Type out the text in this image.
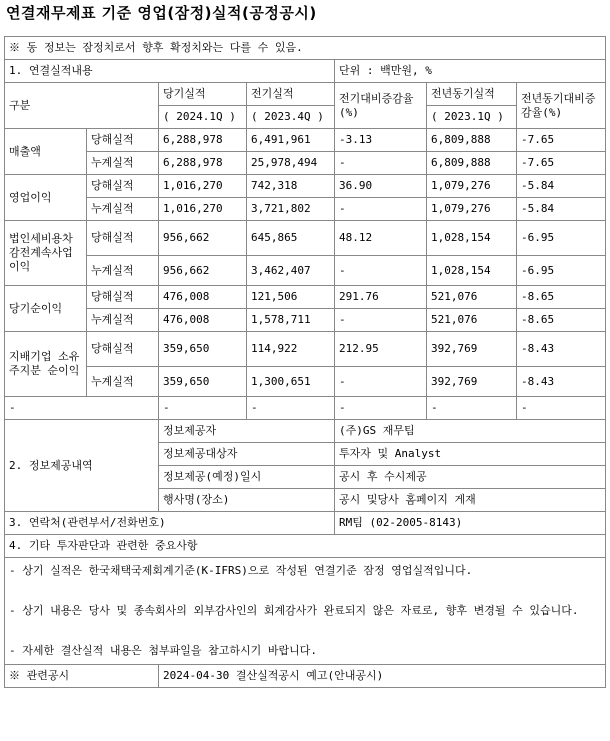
연결재무제표 기준 영업(잠정)실적(공정공시)
※ 동 정보는 잠정치로서 향후 확정치와는 다를 수 있음.						
1. 연결실적내용				단위 : 백만원, %		
구분		당기실적	전기실적	전기대비증감율(%)	전년동기실적	전년동기대비증감율(%)
		( 2024.1Q )	( 2023.4Q )		( 2023.1Q )	
매출액	당해실적	6,288,978	6,491,961	-3.13	6,809,888	-7.65
	누계실적	6,288,978	25,978,494	-	6,809,888	-7.65
영업이익	당해실적	1,016,270	742,318	36.90	1,079,276	-5.84
	누계실적	1,016,270	3,721,802	-	1,079,276	-5.84
법인세비용차감전계속사업이익	당해실적	956,662	645,865	48.12	1,028,154	-6.95
	누계실적	956,662	3,462,407	-	1,028,154	-6.95
당기순이익	당해실적	476,008	121,506	291.76	521,076	-8.65
	누계실적	476,008	1,578,711	-	521,076	-8.65
지배기업 소유주지분 순이익	당해실적	359,650	114,922	212.95	392,769	-8.43
	누계실적	359,650	1,300,651	-	392,769	-8.43
-		-	-	-	-	-
2. 정보제공내역		정보제공자		(주)GS 재무팀		
		정보제공대상자		투자자 및 Analyst		
		정보제공(예정)일시		공시 후 수시제공		
		행사명(장소)		공시 및당사 홈페이지 게재		
3. 연락처(관련부서/전화번호)				RM팀 (02-2005-8143)		
4. 기타 투자판단과 관련한 중요사항						

- 상기 실적은 한국채택국제회계기준(K-IFRS)으로 작성된 연결기준 잠정 영업실적입니다.
- 상기 내용은 당사 및 종속회사의 외부감사인의 회계감사가 완료되지 않은 자료로, 향후 변경될 수 있습니다.
- 자세한 결산실적 내용은 첨부파일을 참고하시기 바랍니다.						

※ 관련공시		2024-04-30 결산실적공시 예고(안내공시)				
